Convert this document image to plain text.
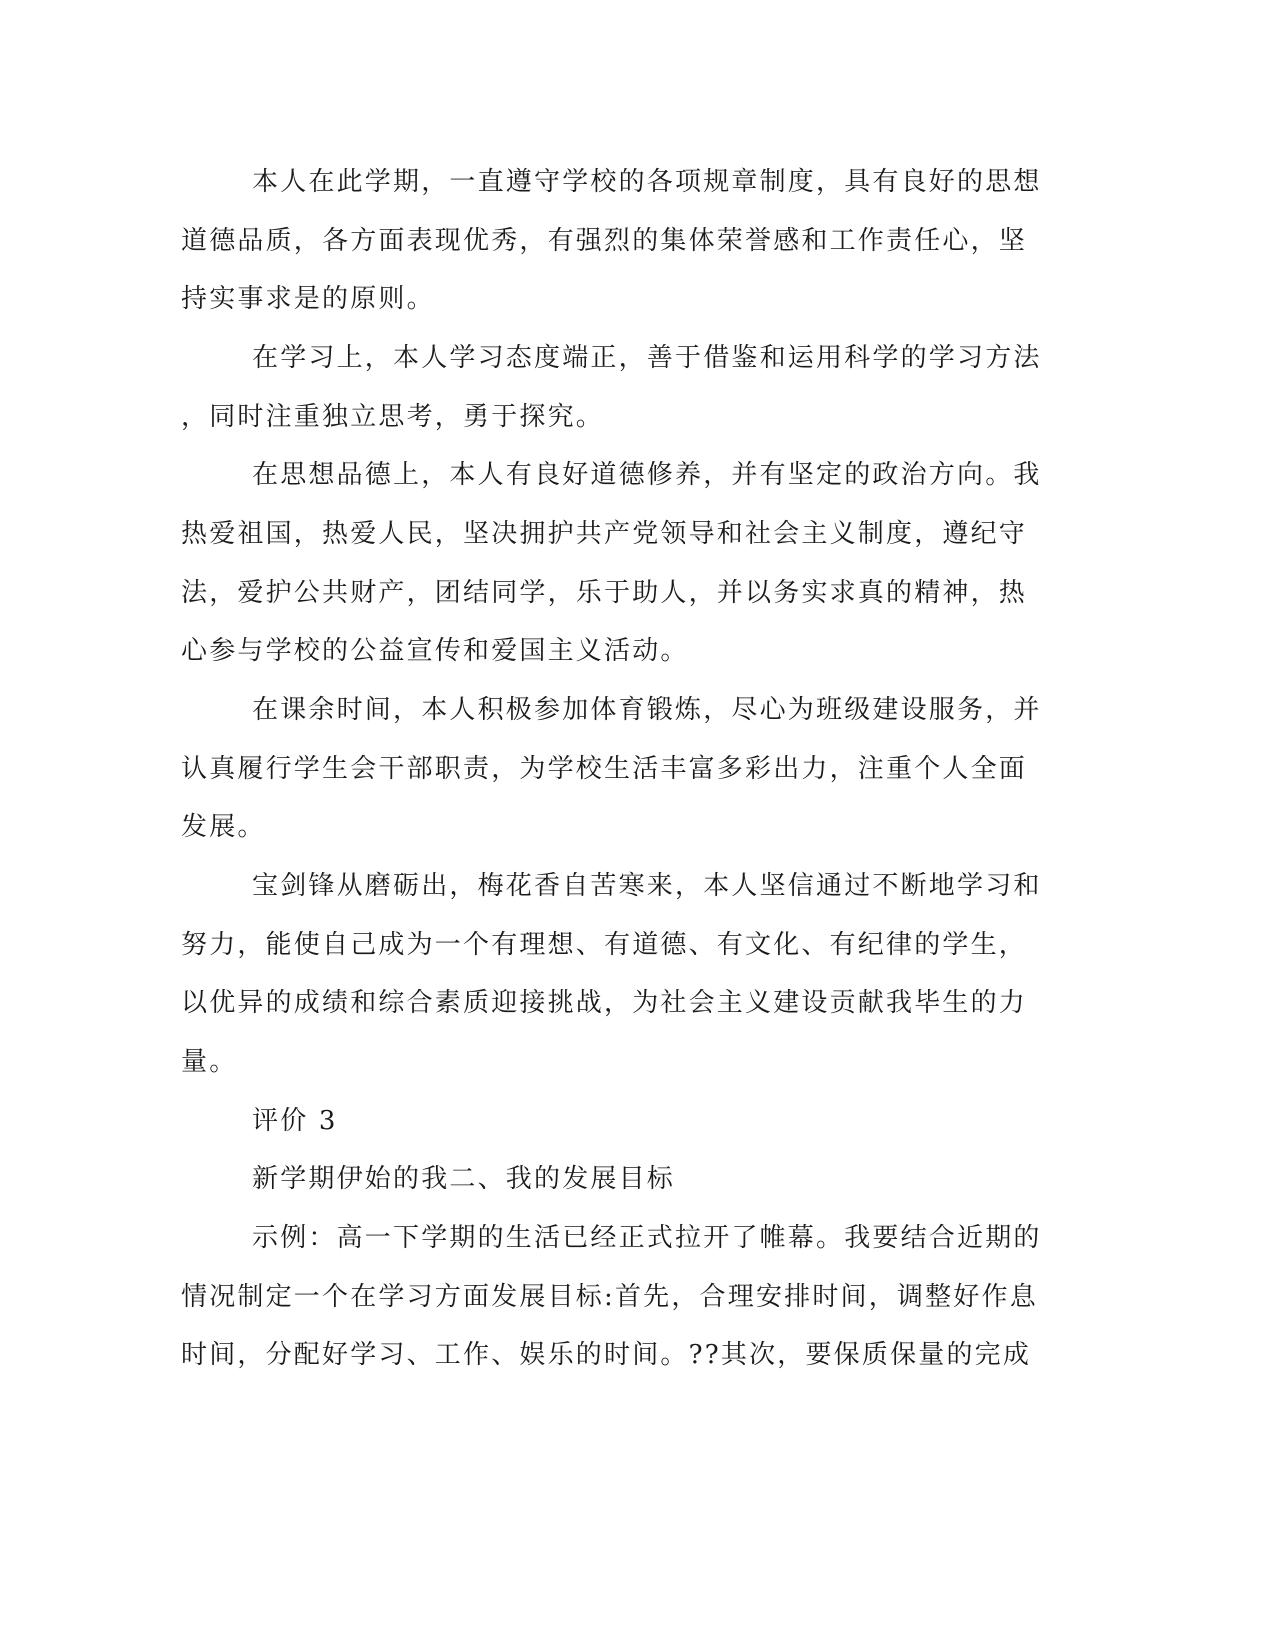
本人在此学期，一直遵守学校的各项规章制度，具有良好的思想
道德品质，各方面表现优秀，有强烈的集体荣誉感和工作责任心，坚
持实事求是的原则。
在学习上，本人学习态度端正，善于借鉴和运用科学的学习方法
，同时注重独立思考，勇于探究。
在思想品德上，本人有良好道德修养，并有坚定的政治方向。我
热爱祖国，热爱人民，坚决拥护共产党领导和社会主义制度，遵纪守
法，爱护公共财产，团结同学，乐于助人，并以务实求真的精神，热
心参与学校的公益宣传和爱国主义活动。
在课余时间，本人积极参加体育锻炼，尽心为班级建设服务，并
认真履行学生会干部职责，为学校生活丰富多彩出力，注重个人全面
发展。
宝剑锋从磨砺出，梅花香自苦寒来，本人坚信通过不断地学习和
努力，能使自己成为一个有理想、有道德、有文化、有纪律的学生，
以优异的成绩和综合素质迎接挑战，为社会主义建设贡献我毕生的力
量。
评价 3
新学期伊始的我二、我的发展目标
示例：高一下学期的生活已经正式拉开了帷幕。我要结合近期的
情况制定一个在学习方面发展目标:首先，合理安排时间，调整好作息
时间，分配好学习、工作、娱乐的时间。??其次，要保质保量的完成
